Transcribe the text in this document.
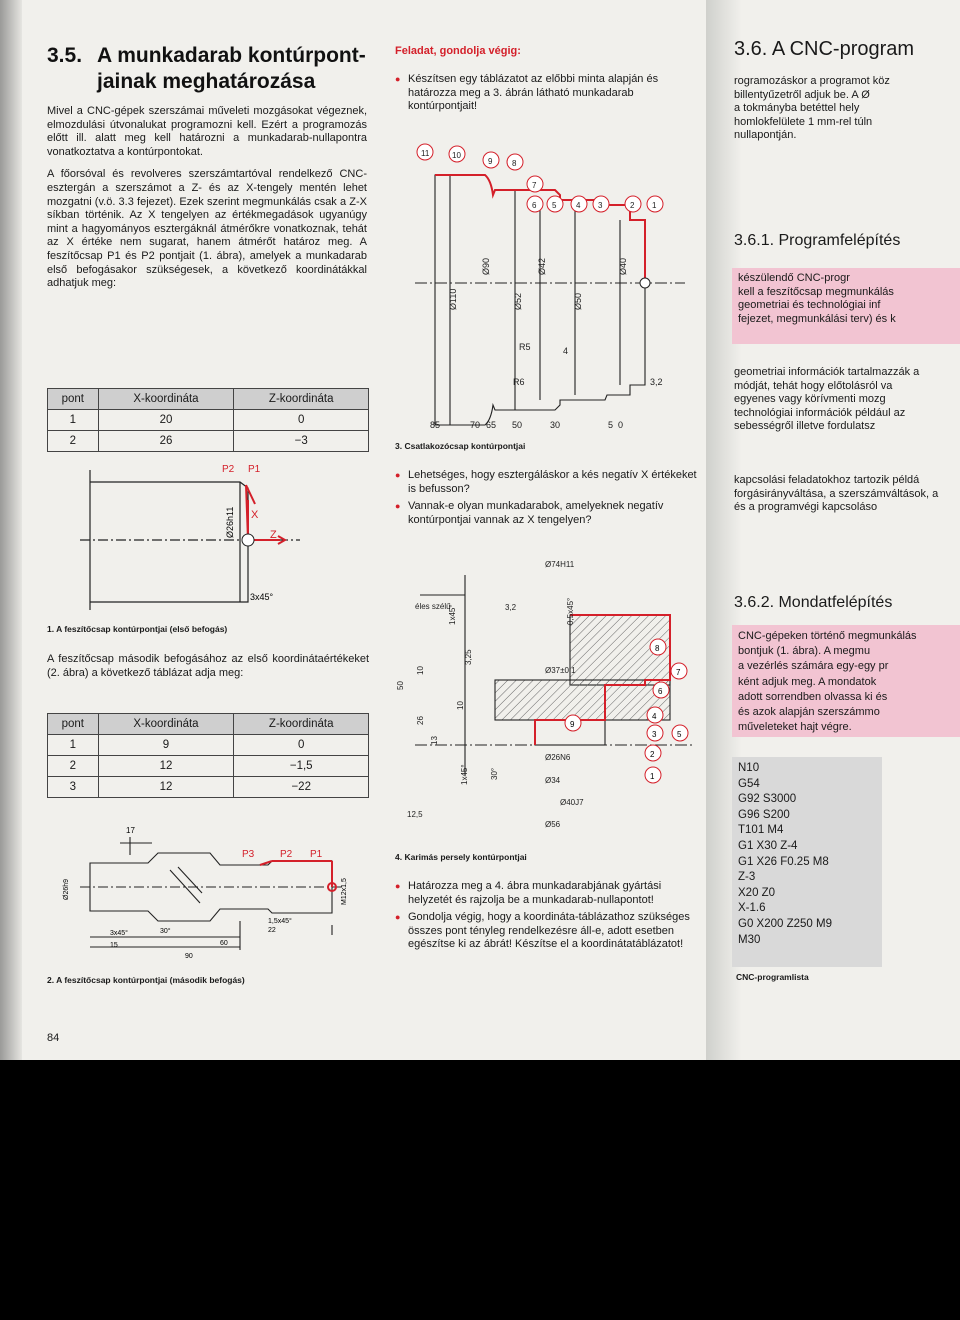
3.5. A munkadarab kontúrpont-
jainak meghatározása

Mivel a CNC-gépek szerszámai műveleti mozgásokat végeznek, elmozdulási útvonalukat programozni kell. Ezért a programozás előtt ill. alatt meg kell határozni a munkadarab-nullapontra vonatkoztatva a kontúrpontokat.

A főorsóval és revolveres szerszámtartóval rendelkező CNC-esztergán a szerszámot a Z- és az X-tengely mentén lehet mozgatni (v.ö. 3.3 fejezet). Ezek szerint megmunkálás csak a Z-X síkban történik. Az X tengelyen az értékmegadások ugyanúgy mint a hagyományos esztergáknál átmérőkre vonatkoznak, tehát az X értéke nem sugarat, hanem átmérőt határoz meg. A feszítőcsap P1 és P2 pontjait (1. ábra), amelyek a munkadarab első befogásakor szükségesek, a következő koordinátákkal adhatjuk meg:

pont	X-koordináta	Z-koordináta
1	20	0
2	26	−3
P2 P1
X
Z
Ø26h11
3x45°
1. A feszítőcsap kontúrpontjai (első befogás)

A feszítőcsap második befogásához az első koordinátaértékeket (2. ábra) a következő táblázat adja meg:

pont	X-koordináta	Z-koordináta
1	9	0
2	12	−1,5
3	12	−22
17
P3	P2 P1
3x45°
15
30°
60
90
22
1,5x45°
Ø26h9	M12x1,5
2. A feszítőcsap kontúrpontjai (második befogás)
84
Feladat, gondolja végig:
● Készítsen egy táblázatot az előbbi minta alapján és határozza meg a 3. ábrán látható munkadarab kontúrpontjait!
11	10
9 8
7
6 5 4 3	2 1
Ø110
Ø90
Ø52
Ø42
Ø50
Ø40
R5
R6
4
3,2
85	70 65 50	30	5 0
3. Csatlakozócsap kontúrpontjai
● Lehetséges, hogy esztergáláskor a kés negatív X értékeket is befusson?
● Vannak-e olyan munkadarabok, amelyeknek negatív kontúrpontjai vannak az X tengelyen?
8
7
6
5
4
3
2
1
9
éles szélű
Ø74H11
Ø37±0,1
Ø26N6
Ø34
Ø40J7
Ø56
0,5x45°
3,2
50
10
26
13
3,25
1x45°
12,5
10
30°
1x45°
4. Karimás persely kontúrpontjai
● Határozza meg a 4. ábra munkadarabjának gyártási helyzetét és rajzolja be a munkadarab-nullapontot!
● Gondolja végig, hogy a koordináta-táblázathoz szükséges összes pont tényleg rendelkezésre áll-e, adott esetben egészítse ki az ábrát! Készítse el a koordinátatáblázatot!
3.6. A CNC-program
rogramozáskor a programot köz
billentyűzetről adjuk be. A Ø
a tokmányba betéttel hely
homlokfelülete 1 mm-rel túln
nullapontján.
3.6.1. Programfelépítés
készülendő CNC-progr
kell a feszítőcsap megmunkálás
geometriai és technológiai inf
fejezet, megmunkálási terv) és k
geometriai információk tartalmazzák a
módját, tehát hogy előtolásról va
egyenes vagy körívmenti mozg
technológiai információk például az
sebességről illetve fordulatsz
kapcsolási feladatokhoz tartozik példá
forgásirányváltása, a szerszámváltások, a
és a programvégi kapcsoláso
3.6.2. Mondatfelépítés
CNC-gépeken történő megmunkálás
bontjuk (1. ábra). A megmu
a vezérlés számára egy-egy pr
ként adjuk meg. A mondatok
adott sorrendben olvassa ki és
és azok alapján szerszámmo
műveleteket hajt végre.
N10
G54
G92 S3000
G96 S200
T101 M4
G1 X30 Z-4
G1 X26 F0.25 M8
Z-3
X20 Z0
X-1.6
G0 X200 Z250 M9
M30
CNC-programlista
